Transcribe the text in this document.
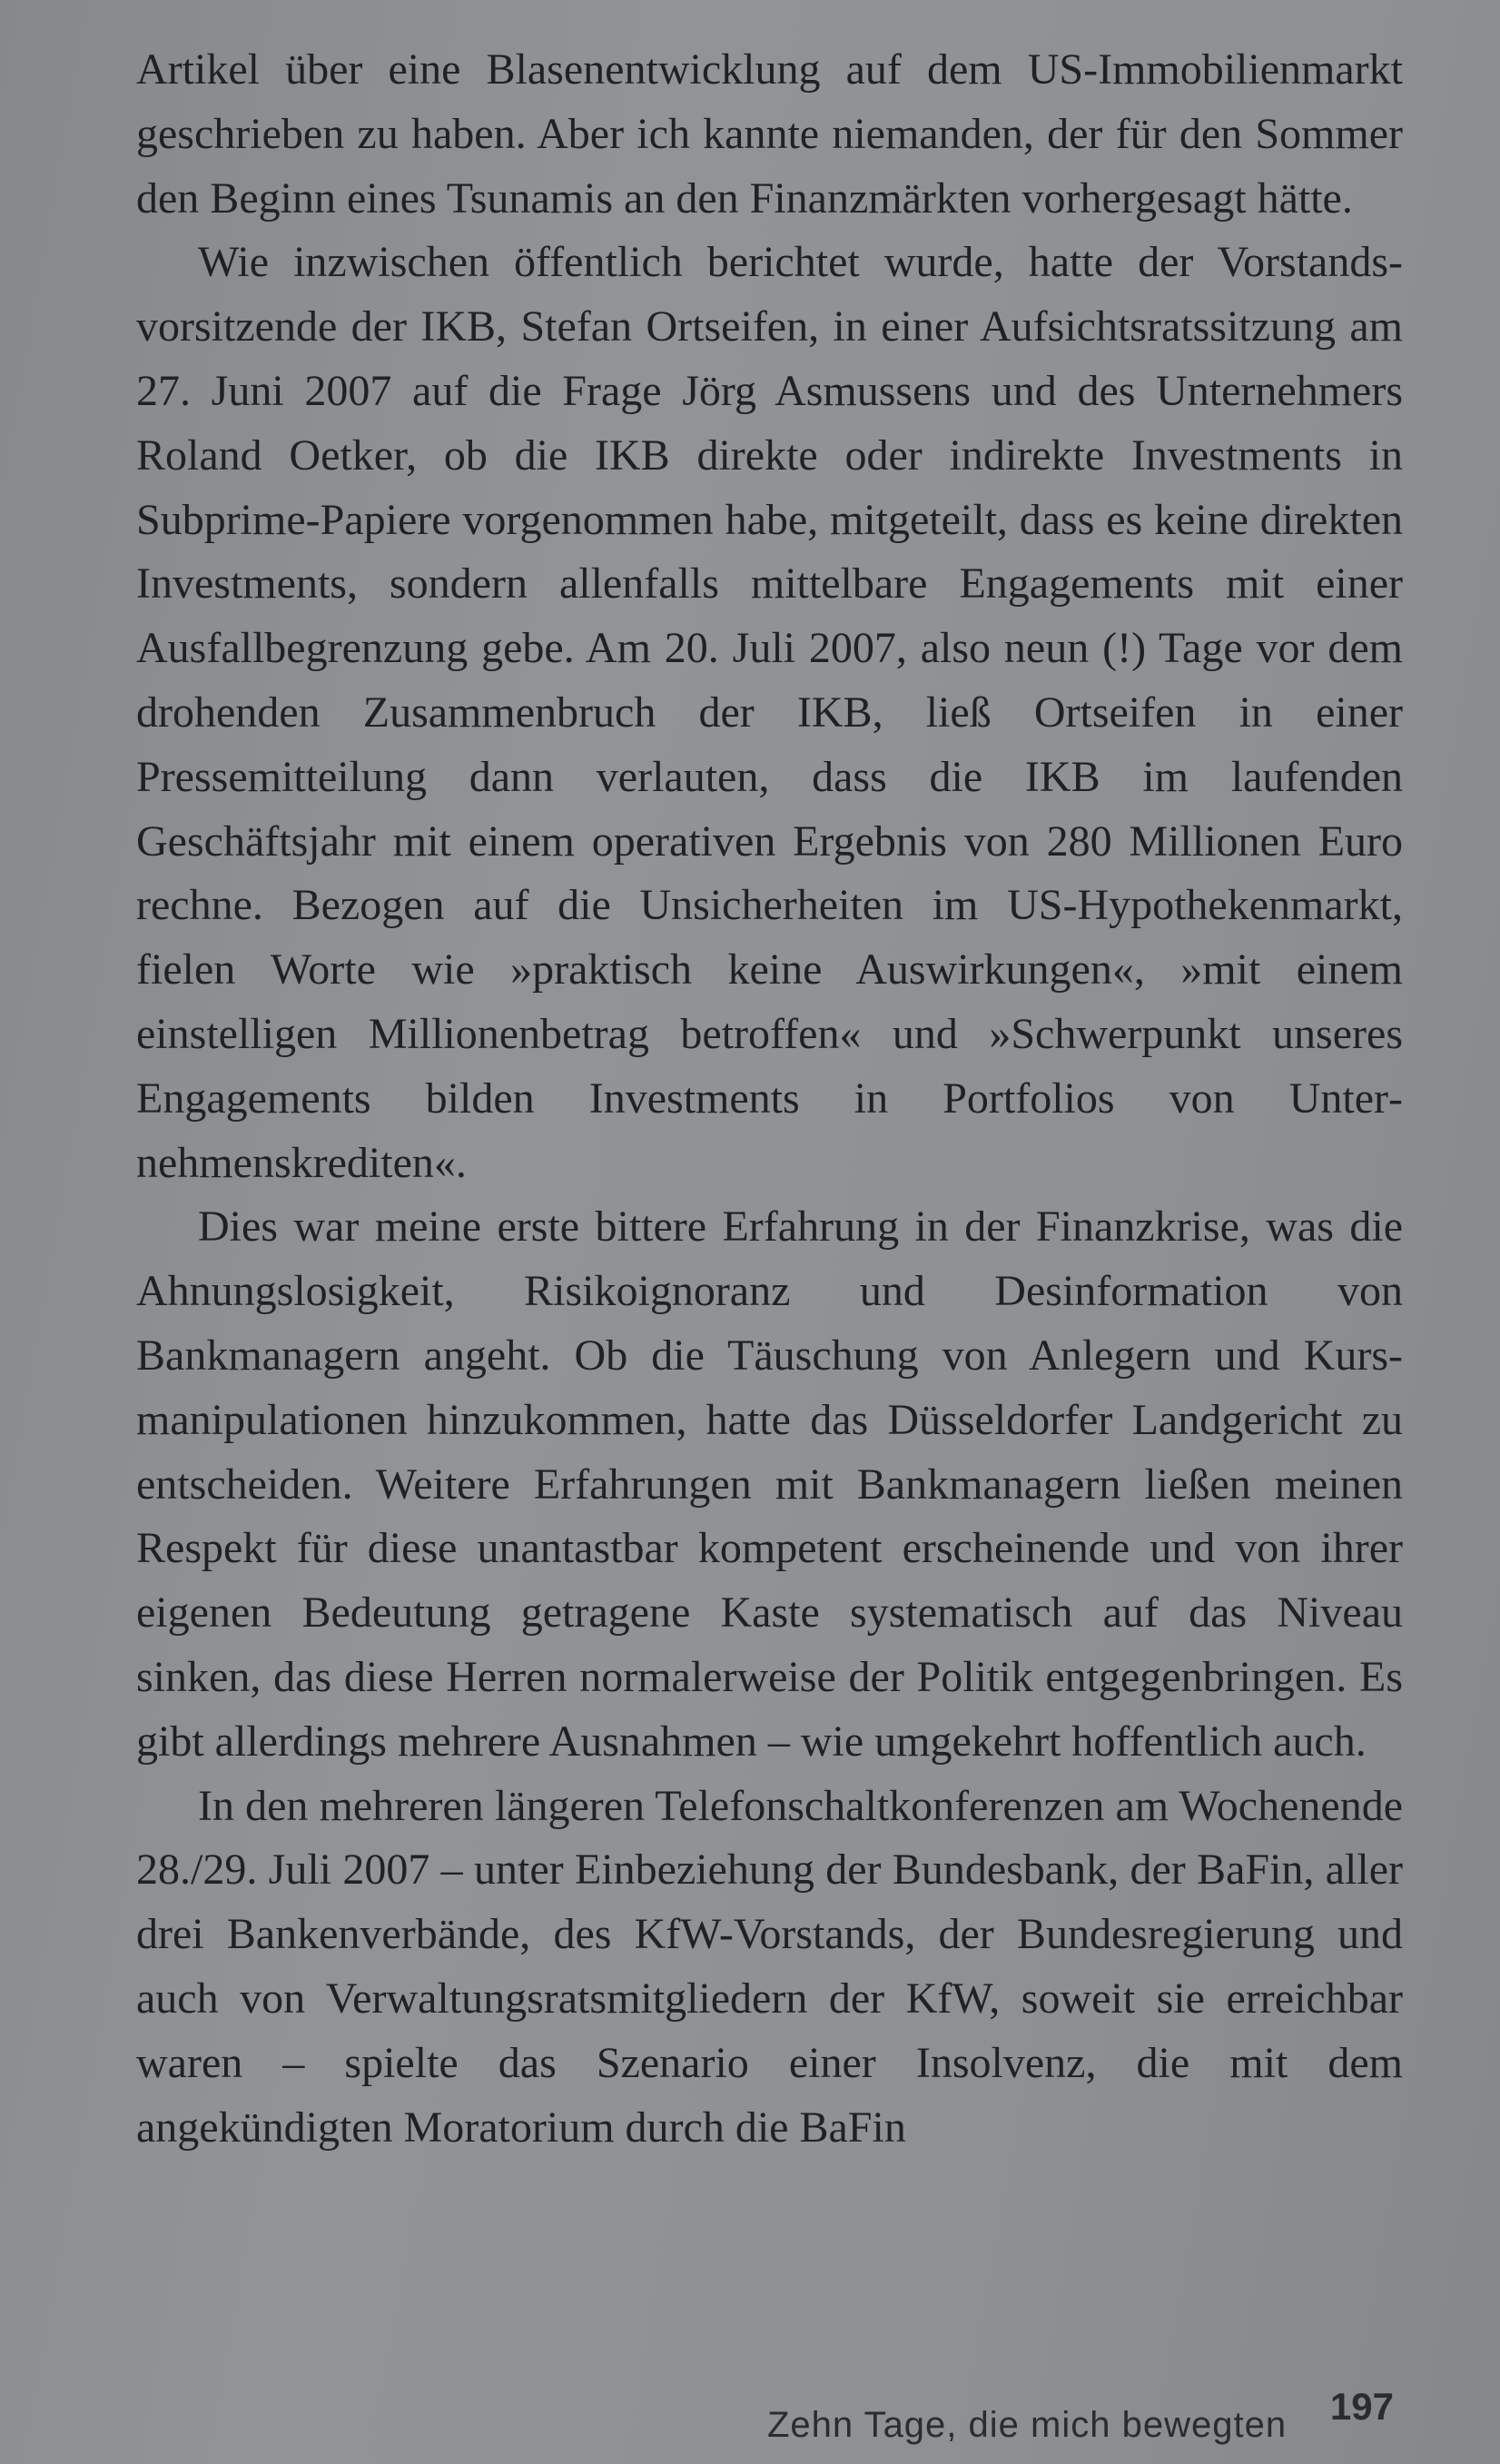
Artikel über eine Blasenentwicklung auf dem US-Immobilienmarkt geschrieben zu haben. Aber ich kannte niemanden, der für den Sommer den Beginn eines Tsunamis an den Finanzmärkten vorhergesagt hätte.

Wie inzwischen öffentlich berichtet wurde, hatte der Vorstandsvorsitzende der IKB, Stefan Ortseifen, in einer Aufsichtsratssitzung am 27. Juni 2007 auf die Frage Jörg Asmussens und des Unternehmers Roland Oetker, ob die IKB direkte oder indirekte Investments in Subprime-Papiere vorgenommen habe, mitgeteilt, dass es keine direkten Investments, sondern allenfalls mittelbare Engagements mit einer Ausfallbegrenzung gebe. Am 20. Juli 2007, also neun (!) Tage vor dem drohenden Zusammenbruch der IKB, ließ Ortseifen in einer Pressemitteilung dann verlauten, dass die IKB im laufenden Geschäftsjahr mit einem operativen Ergebnis von 280 Millionen Euro rechne. Bezogen auf die Unsicherheiten im US-Hypothekenmarkt, fielen Worte wie »praktisch keine Auswirkungen«, »mit einem einstelligen Millionenbetrag betroffen« und »Schwerpunkt unseres Engagements bilden Investments in Portfolios von Unternehmenskrediten«.

Dies war meine erste bittere Erfahrung in der Finanzkrise, was die Ahnungslosigkeit, Risikoignoranz und Desinformation von Bankmanagern angeht. Ob die Täuschung von Anlegern und Kursmanipulationen hinzukommen, hatte das Düsseldorfer Landgericht zu entscheiden. Weitere Erfahrungen mit Bankmanagern ließen meinen Respekt für diese unantastbar kompetent erscheinende und von ihrer eigenen Bedeutung getragene Kaste systematisch auf das Niveau sinken, das diese Herren normalerweise der Politik entgegenbringen. Es gibt allerdings mehrere Ausnahmen – wie umgekehrt hoffentlich auch.

In den mehreren längeren Telefonschaltkonferenzen am Wochenende 28./29. Juli 2007 – unter Einbeziehung der Bundesbank, der BaFin, aller drei Bankenverbände, des KfW-Vorstands, der Bundesregierung und auch von Verwaltungsratsmitgliedern der KfW, soweit sie erreichbar waren – spielte das Szenario einer Insolvenz, die mit dem angekündigten Moratorium durch die BaFin

Zehn Tage, die mich bewegten 197
